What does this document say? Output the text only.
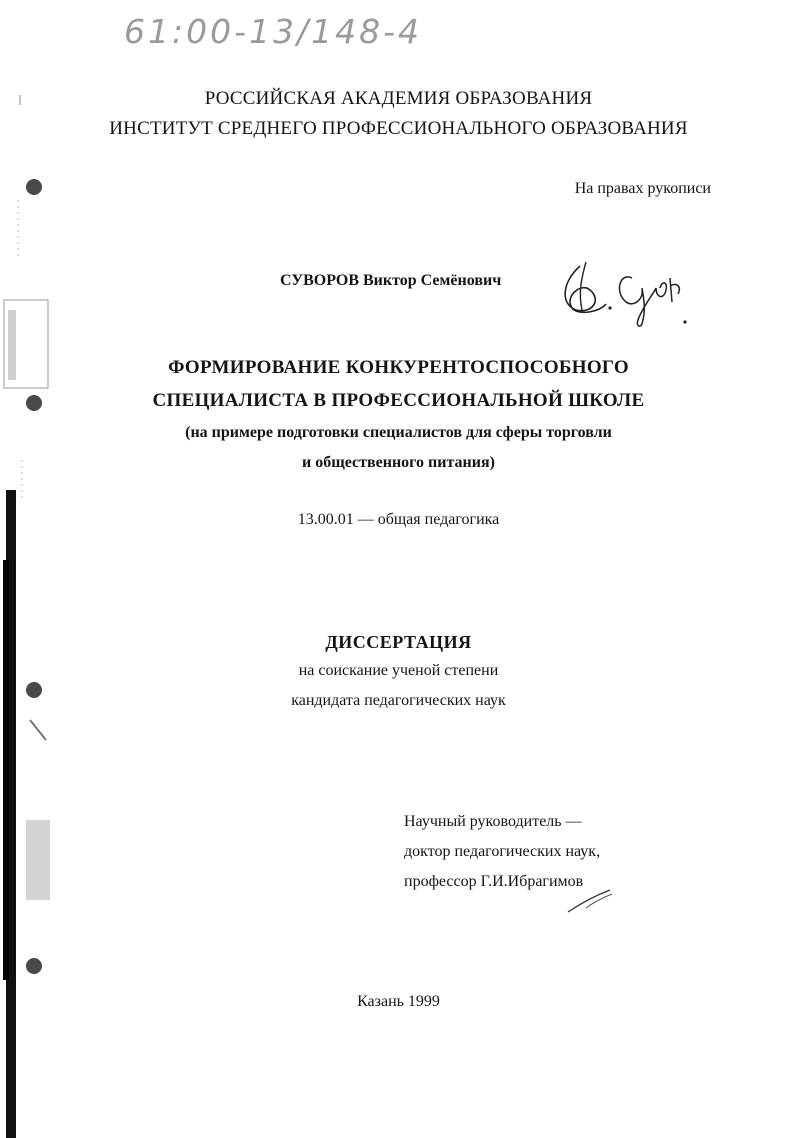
61:00-13/148-4
РОССИЙСКАЯ АКАДЕМИЯ ОБРАЗОВАНИЯ
ИНСТИТУТ СРЕДНЕГО ПРОФЕССИОНАЛЬНОГО ОБРАЗОВАНИЯ
На правах рукописи
СУВОРОВ Виктор Семёнович
ФОРМИРОВАНИЕ КОНКУРЕНТОСПОСОБНОГО
СПЕЦИАЛИСТА В ПРОФЕССИОНАЛЬНОЙ ШКОЛЕ
(на примере подготовки специалистов для сферы торговли
и общественного питания)
13.00.01 — общая педагогика
ДИССЕРТАЦИЯ
на соискание ученой степени
кандидата педагогических наук
Научный руководитель —
доктор педагогических наук,
профессор Г.И.Ибрагимов
Казань 1999
